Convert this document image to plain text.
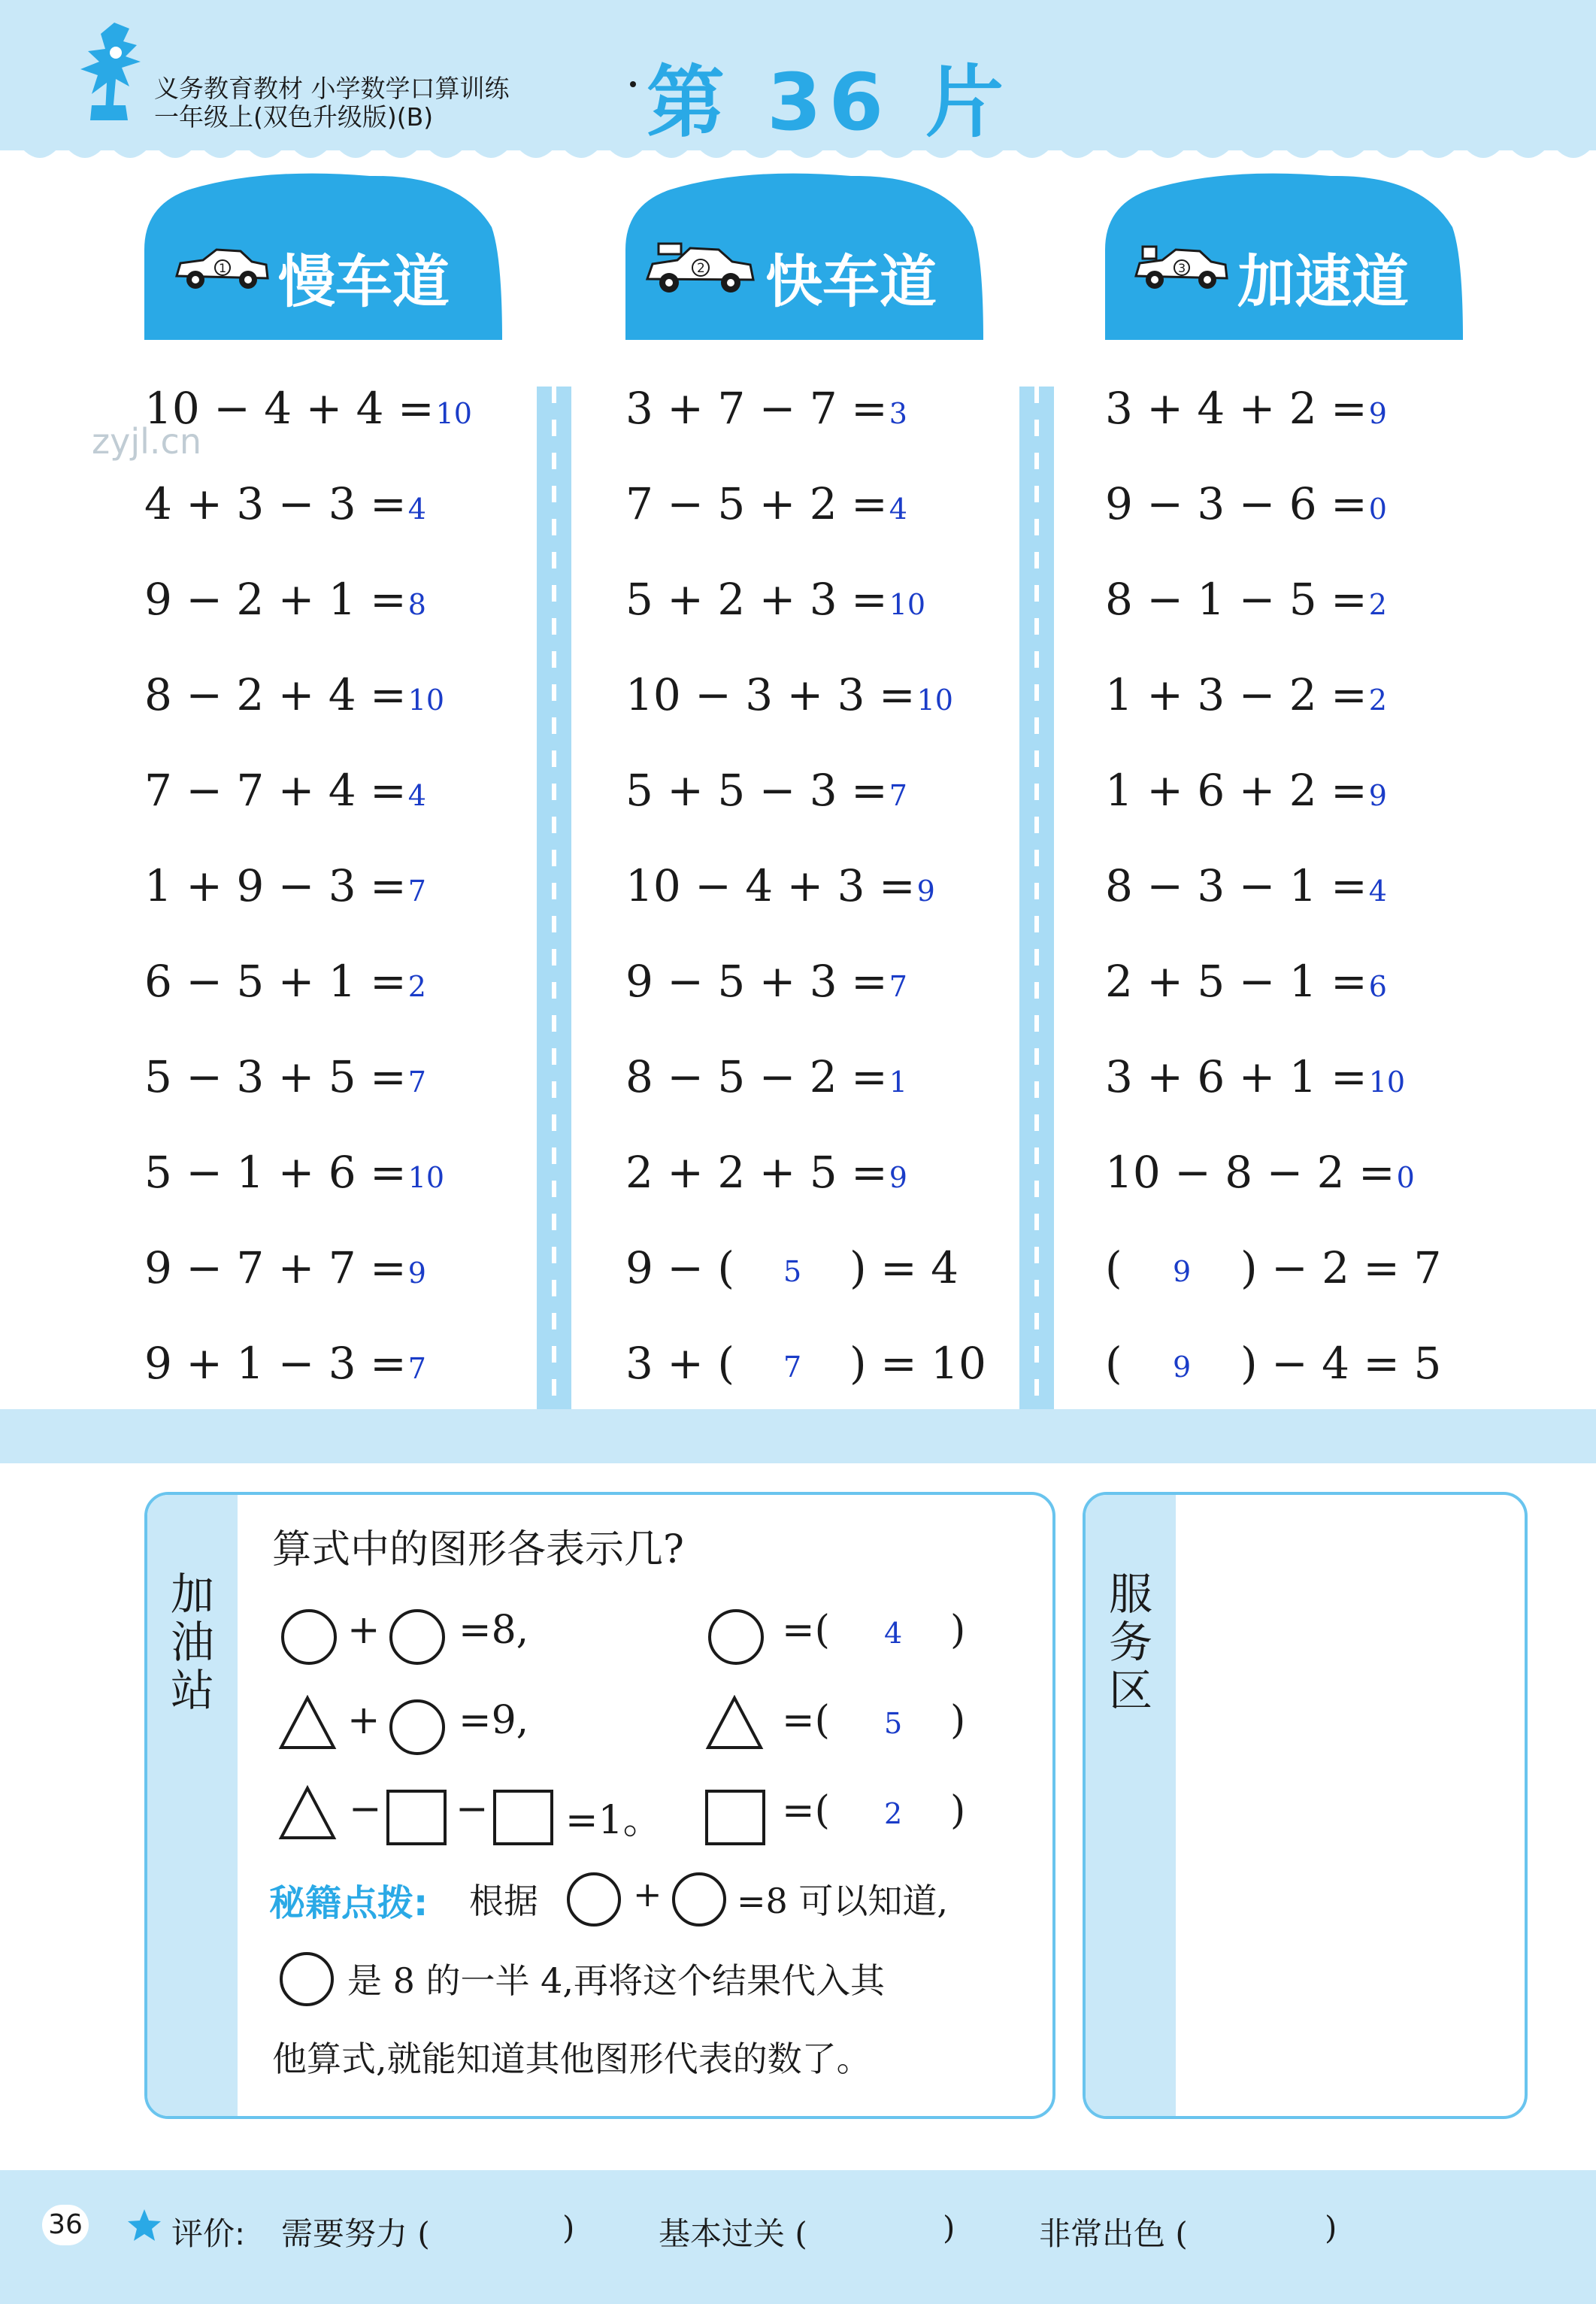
义务教育教材 小学数学口算训练
一年级上(双色升级版)(B)	第 36 片
1 慢车道	2 快车道	3 加速道
zyjl.cn
10 − 4 + 4 =10
4 + 3 − 3 =4
9 − 2 + 1 =8
8 − 2 + 4 =10
7 − 7 + 4 =4
1 + 9 − 3 =7
6 − 5 + 1 =2
5 − 3 + 5 =7
5 − 1 + 6 =10
9 − 7 + 7 =9
9 + 1 − 3 =7
3 + 7 − 7 =3
7 − 5 + 2 =4
5 + 2 + 3 =10
10 − 3 + 3 =10
5 + 5 − 3 =7
10 − 4 + 3 =9
9 − 5 + 3 =7
8 − 5 − 2 =1
2 + 2 + 5 =9
9 − ( 5 ) = 4
3 + ( 7 ) = 10
3 + 4 + 2 =9
9 − 3 − 6 =0
8 − 1 − 5 =2
1 + 3 − 2 =2
1 + 6 + 2 =9
8 − 3 − 1 =4
2 + 5 − 1 =6
3 + 6 + 1 =10
10 − 8 − 2 =0
( 9 ) − 2 = 7
( 9 ) − 4 = 5
加油站
算式中的图形各表示几?
+ =8,	=( 4 )
+ =9,	=( 5 )
− − =1。	=( 2 )
秘籍点拨: 根据	+ =8 可以知道,
是 8 的一半 4,再将这个结果代入其
他算式,就能知道其他图形代表的数了。
服务区
36	评价: 需要努力 (	)	基本过关 (	)	非常出色 (	)
